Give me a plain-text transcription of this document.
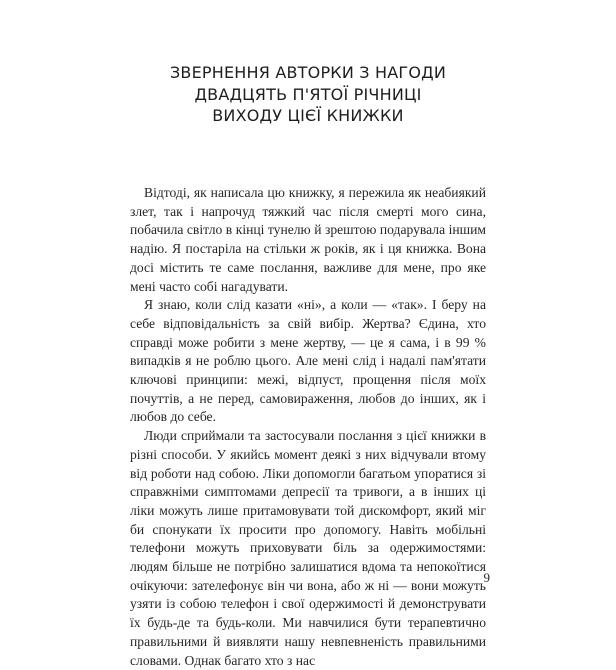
ЗВЕРНЕННЯ АВТОРКИ З НАГОДИ
ДВАДЦЯТЬ П'ЯТОЇ РІЧНИЦІ
ВИХОДУ ЦІЄЇ КНИЖКИ

Відтоді, як написала цю книжку, я пережила як неабиякий злет, так і напрочуд тяжкий час після смерті мого сина, побачила світло в кінці тунелю й зрештою подарувала іншим надію. Я постаріла на стільки ж років, як і ця книжка. Вона досі містить те саме послання, важливе для мене, про яке мені часто собі нагадувати.

Я знаю, коли слід казати «ні», а коли — «так». І беру на себе відповідальність за свій вибір. Жертва? Єдина, хто справді може робити з мене жертву, — це я сама, і в 99 % випадків я не роблю цього. Але мені слід і надалі пам'ятати ключові принципи: межі, відпуст, прощення після моїх почуттів, а не перед, самовираження, любов до інших, як і любов до себе.

Люди сприймали та застосували послання з цієї книжки в різні способи. У якийсь момент деякі з них відчували втому від роботи над собою. Ліки допомогли багатьом упоратися зі справжніми симптомами депресії та тривоги, а в інших ці ліки можуть лише притамовувати той дискомфорт, який міг би спонукати їх просити про допомогу. Навіть мобільні телефони можуть приховувати біль за одержимостями: людям більше не потрібно залишатися вдома та непокоїтися очікуючи: зателефонує він чи вона, або ж ні — вони можуть узяти із собою телефон і свої одержимості й демонструвати їх будь-де та будь-коли. Ми навчилися бути терапевтично правильними й виявляти нашу невпевненість правильними словами. Однак багато хто з нас

9
